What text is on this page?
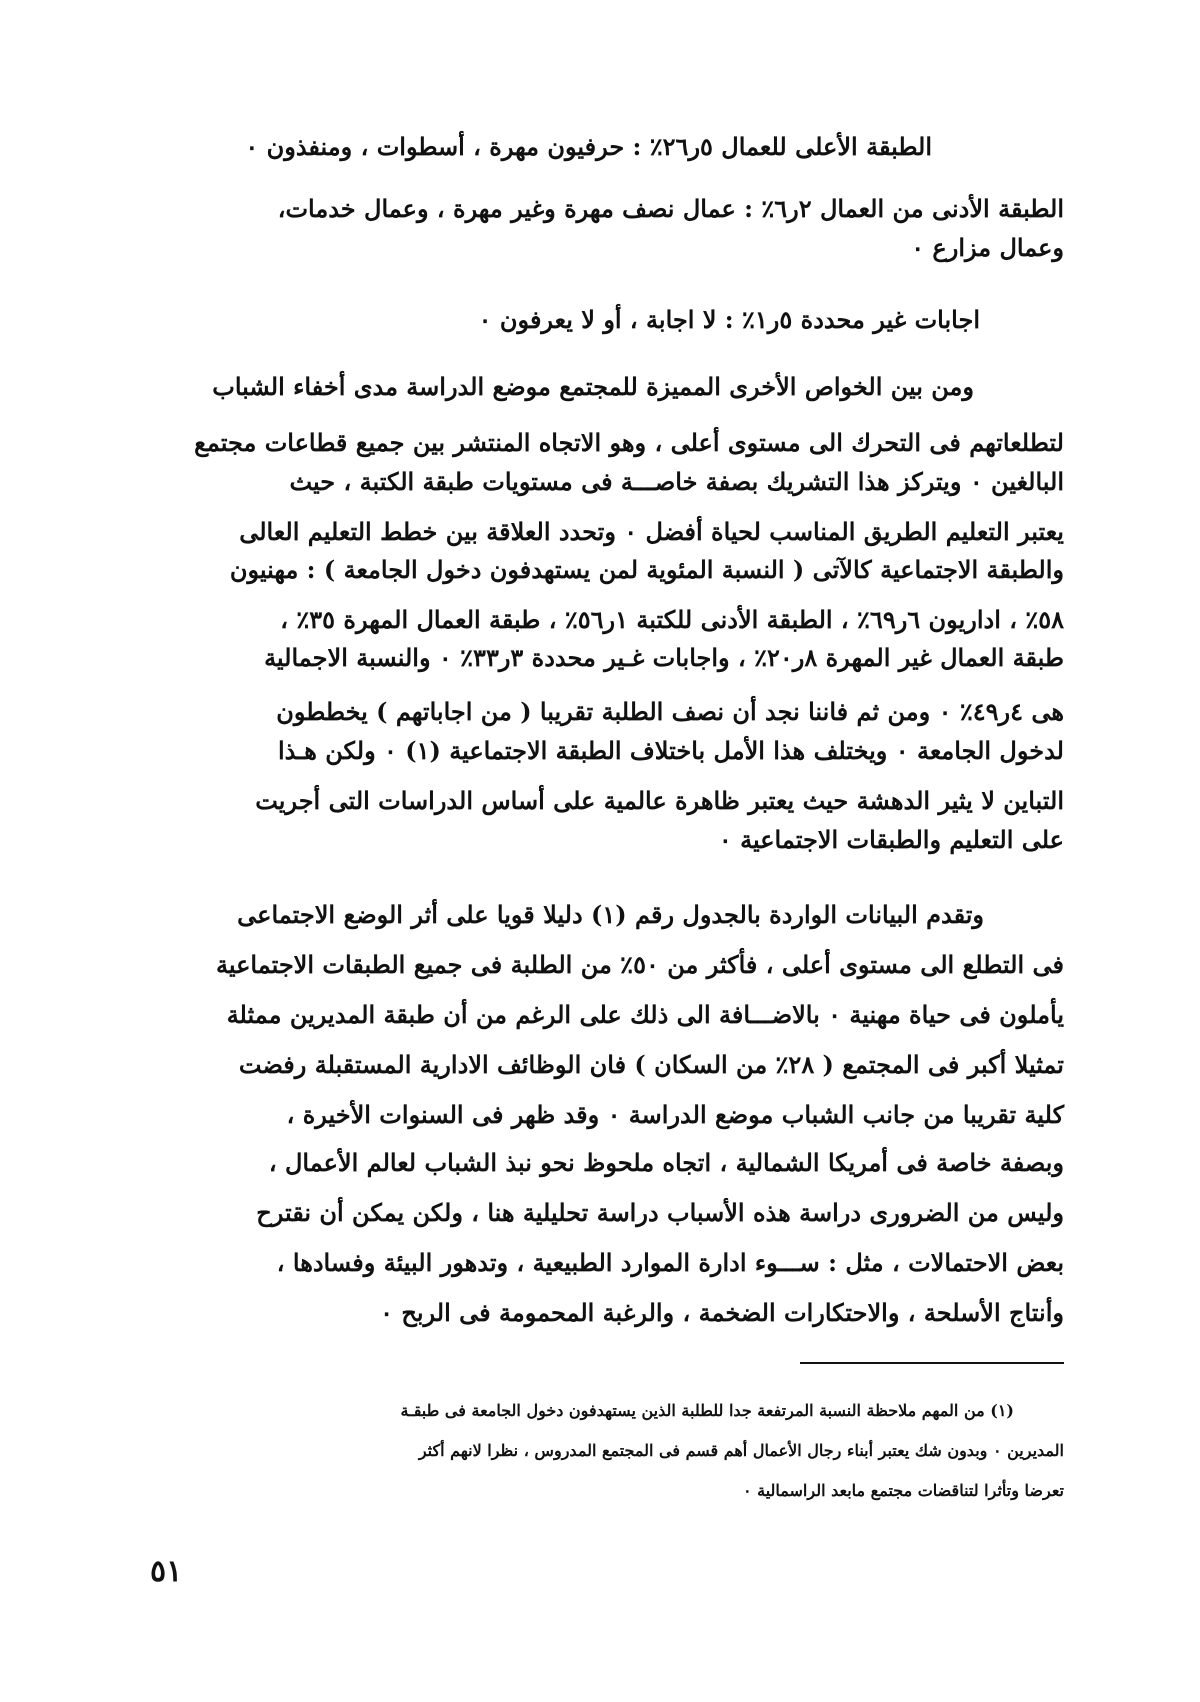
الطبقة الأعلى للعمال ٥ر٢٦٪ : حرفيون مهرة ، أسطوات ، ومنفذون ٠
الطبقة الأدنى من العمال ٢ر٦٪ : عمال نصف مهرة وغير مهرة ، وعمال خدمات،
وعمال مزارع ٠
اجابات غير محددة ٥ر١٪ : لا اجابة ، أو لا يعرفون ٠
ومن بين الخواص الأخرى المميزة للمجتمع موضع الدراسة مدى أخفاء الشباب
لتطلعاتهم فى التحرك الى مستوى أعلى ، وهو الاتجاه المنتشر بين جميع قطاعات مجتمع
البالغين ٠ ويتركز هذا التشريك بصفة خاصـــة فى مستويات طبقة الكتبة ، حيث
يعتبر التعليم الطريق المناسب لحياة أفضل ٠ وتحدد العلاقة بين خطط التعليم العالى
والطبقة الاجتماعية كالآتى ( النسبة المئوية لمن يستهدفون دخول الجامعة ) : مهنيون
٥٨٪ ، اداريون ٦ر٦٩٪ ، الطبقة الأدنى للكتبة ١ر٥٦٪ ، طبقة العمال المهرة ٣٥٪ ،
طبقة العمال غير المهرة ٨ر٢٠٪ ، واجابات غـير محددة ٣ر٣٣٪ ٠ والنسبة الاجمالية
هى ٤ر٤٩٪ ٠ ومن ثم فاننا نجد أن نصف الطلبة تقريبا ( من اجاباتهم ) يخططون
لدخول الجامعة ٠ ويختلف هذا الأمل باختلاف الطبقة الاجتماعية (١) ٠ ولكن هـذا
التباين لا يثير الدهشة حيث يعتبر ظاهرة عالمية على أساس الدراسات التى أجريت
على التعليم والطبقات الاجتماعية ٠
وتقدم البيانات الواردة بالجدول رقم (١) دليلا قويا على أثر الوضع الاجتماعى
فى التطلع الى مستوى أعلى ، فأكثر من ٥٠٪ من الطلبة فى جميع الطبقات الاجتماعية
يأملون فى حياة مهنية ٠ بالاضـــافة الى ذلك على الرغم من أن طبقة المديرين ممثلة
تمثيلا أكبر فى المجتمع ( ٢٨٪ من السكان ) فان الوظائف الادارية المستقبلة رفضت
كلية تقريبا من جانب الشباب موضع الدراسة ٠ وقد ظهر فى السنوات الأخيرة ،
وبصفة خاصة فى أمريكا الشمالية ، اتجاه ملحوظ نحو نبذ الشباب لعالم الأعمال ،
وليس من الضرورى دراسة هذه الأسباب دراسة تحليلية هنا ، ولكن يمكن أن نقترح
بعض الاحتمالات ، مثل : ســـوء ادارة الموارد الطبيعية ، وتدهور البيئة وفسادها ،
وأنتاج الأسلحة ، والاحتكارات الضخمة ، والرغبة المحمومة فى الربح ٠
(١) من المهم ملاحظة النسبة المرتفعة جدا للطلبة الذين يستهدفون دخول الجامعة فى طبقـة
المديرين ٠ وبدون شك يعتبر أبناء رجال الأعمال أهم قسم فى المجتمع المدروس ، نظرا لانهم أكثر
تعرضا وتأثرا لتناقضات مجتمع مابعد الراسمالية ٠
٥١
